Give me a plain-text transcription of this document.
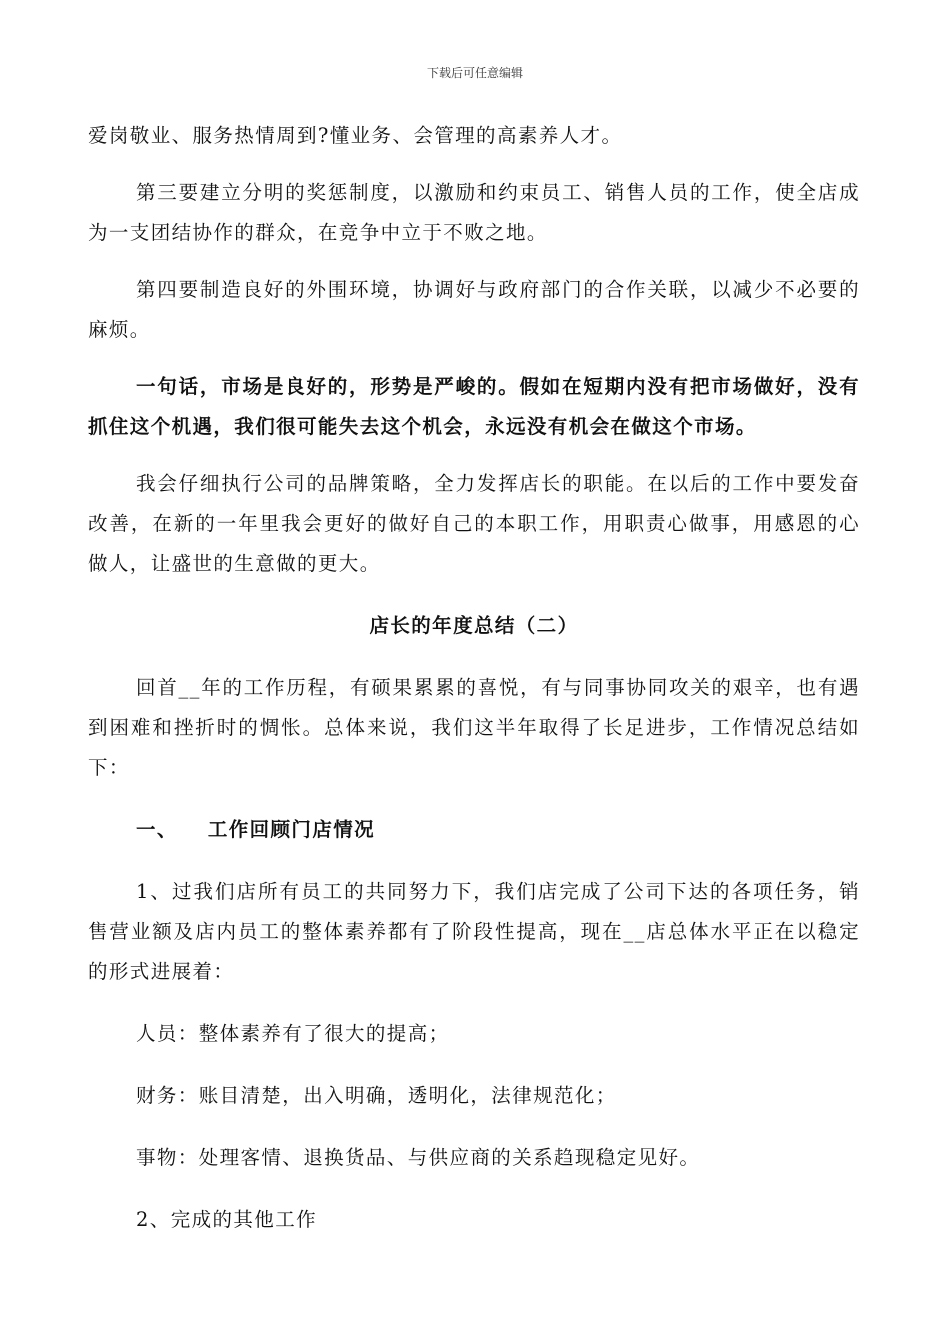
下载后可任意编辑

爱岗敬业、服务热情周到?懂业务、会管理的高素养人才。

第三要建立分明的奖惩制度，以激励和约束员工、销售人员的工作，使全店成为一支团结协作的群众，在竞争中立于不败之地。

第四要制造良好的外围环境，协调好与政府部门的合作关联，以减少不必要的麻烦。

一句话，市场是良好的，形势是严峻的。假如在短期内没有把市场做好，没有抓住这个机遇，我们很可能失去这个机会，永远没有机会在做这个市场。

我会仔细执行公司的品牌策略，全力发挥店长的职能。在以后的工作中要发奋改善，在新的一年里我会更好的做好自己的本职工作，用职责心做事，用感恩的心做人，让盛世的生意做的更大。

店长的年度总结（二）

回首__年的工作历程，有硕果累累的喜悦，有与同事协同攻关的艰辛，也有遇到困难和挫折时的惆怅。总体来说，我们这半年取得了长足进步，工作情况总结如下：

一、 工作回顾门店情况

1、过我们店所有员工的共同努力下，我们店完成了公司下达的各项任务，销售营业额及店内员工的整体素养都有了阶段性提高，现在__店总体水平正在以稳定的形式进展着：

人员：整体素养有了很大的提高；

财务：账目清楚，出入明确，透明化，法律规范化；

事物：处理客情、退换货品、与供应商的关系趋现稳定见好。

2、完成的其他工作
